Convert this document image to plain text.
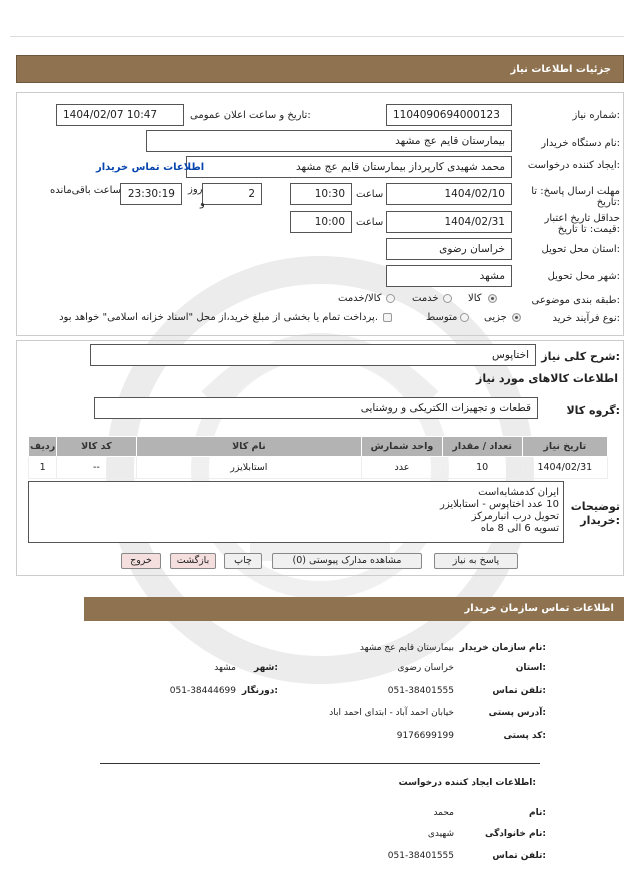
جزئیات اطلاعات نیاز
شماره نیاز:
1104090694000123
تاریخ و ساعت اعلان عمومی:
1404/02/07 10:47
نام دستگاه خریدار:
بیمارستان قایم عج مشهد
ایجاد کننده درخواست:
محمد شهیدی کارپرداز بیمارستان قایم عج مشهد
اطلاعات تماس خریدار
مهلت ارسال پاسخ: تا تاریخ:
1404/02/10
ساعت
10:30
2
روز
و
23:30:19
ساعت باقی‌مانده
حداقل تاریخ اعتبار قیمت: تا تاریخ:
1404/02/31
ساعت
10:00
استان محل تحویل:
خراسان رضوی
شهر محل تحویل:
مشهد
طبقه بندی موضوعی:
کالا
خدمت
کالا/خدمت
نوع فرآیند خرید:
جزیی
متوسط
پرداخت تمام یا بخشی از مبلغ خرید،از محل "اسناد خزانه اسلامی" خواهد بود.
شرح کلی نیاز:
اختاپوس
اطلاعات کالاهای مورد نیاز
گروه کالا:
قطعات و تجهیزات الکتریکی و روشنایی
ردیف	کد کالا	نام کالا	واحد شمارش	تعداد / مقدار	تاریخ نیاز
1	--	استابلایزر	عدد	10	1404/02/31
توضیحات خریدار:
ایران کدمشابه‌است
10 عدد اختاپوس - استابلایزر
تحویل درب انبارمرکز
تسویه 6 الی 8 ماه
پاسخ به نیاز
مشاهده مدارک پیوستی (0)
چاپ
بازگشت
خروج
اطلاعات تماس سازمان خریدار
نام سازمان خریدار:
بیمارستان قایم عج مشهد
استان:
خراسان رضوی
شهر:
مشهد
تلفن تماس:
051-38401555
دورنگار:
051-38444699
آدرس پستی:
خیابان احمد آباد - ابتدای احمد اباد
کد پستی:
9176699199
اطلاعات ایجاد کننده درخواست:
نام:
محمد
نام خانوادگی:
شهیدی
تلفن تماس:
051-38401555
